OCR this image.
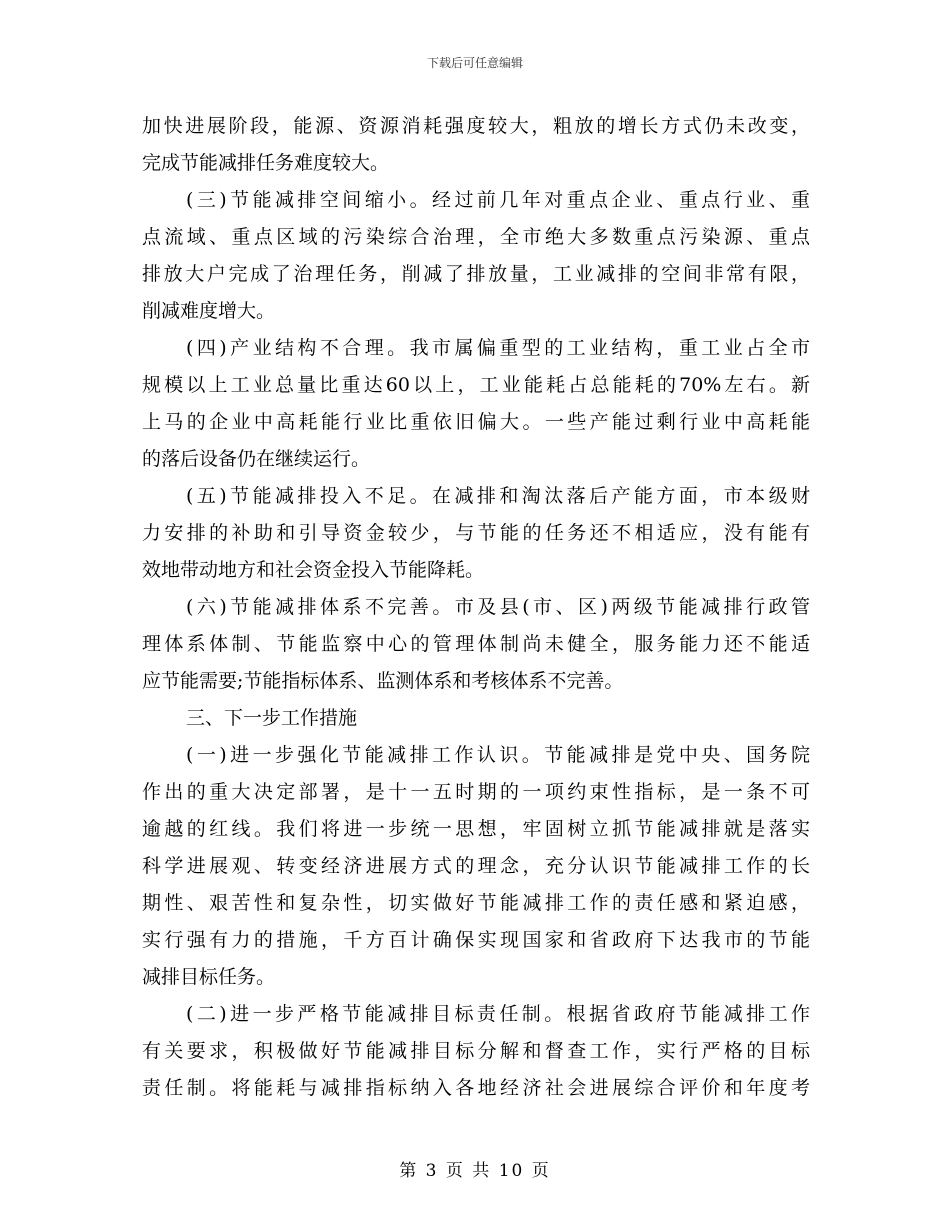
下载后可任意编辑
加快进展阶段，能源、资源消耗强度较大，粗放的增长方式仍未改变，
完成节能减排任务难度较大。
(三)节能减排空间缩小。经过前几年对重点企业、重点行业、重
点流域、重点区域的污染综合治理，全市绝大多数重点污染源、重点
排放大户完成了治理任务，削减了排放量，工业减排的空间非常有限，
削减难度增大。
(四)产业结构不合理。我市属偏重型的工业结构，重工业占全市
规模以上工业总量比重达60以上，工业能耗占总能耗的70%左右。新
上马的企业中高耗能行业比重依旧偏大。一些产能过剩行业中高耗能
的落后设备仍在继续运行。
(五)节能减排投入不足。在减排和淘汰落后产能方面，市本级财
力安排的补助和引导资金较少，与节能的任务还不相适应，没有能有
效地带动地方和社会资金投入节能降耗。
(六)节能减排体系不完善。市及县(市、区)两级节能减排行政管
理体系体制、节能监察中心的管理体制尚未健全，服务能力还不能适
应节能需要;节能指标体系、监测体系和考核体系不完善。
三、下一步工作措施
(一)进一步强化节能减排工作认识。节能减排是党中央、国务院
作出的重大决定部署，是十一五时期的一项约束性指标，是一条不可
逾越的红线。我们将进一步统一思想，牢固树立抓节能减排就是落实
科学进展观、转变经济进展方式的理念，充分认识节能减排工作的长
期性、艰苦性和复杂性，切实做好节能减排工作的责任感和紧迫感，
实行强有力的措施，千方百计确保实现国家和省政府下达我市的节能
减排目标任务。
(二)进一步严格节能减排目标责任制。根据省政府节能减排工作
有关要求，积极做好节能减排目标分解和督查工作，实行严格的目标
责任制。将能耗与减排指标纳入各地经济社会进展综合评价和年度考
第 3 页 共 10 页
